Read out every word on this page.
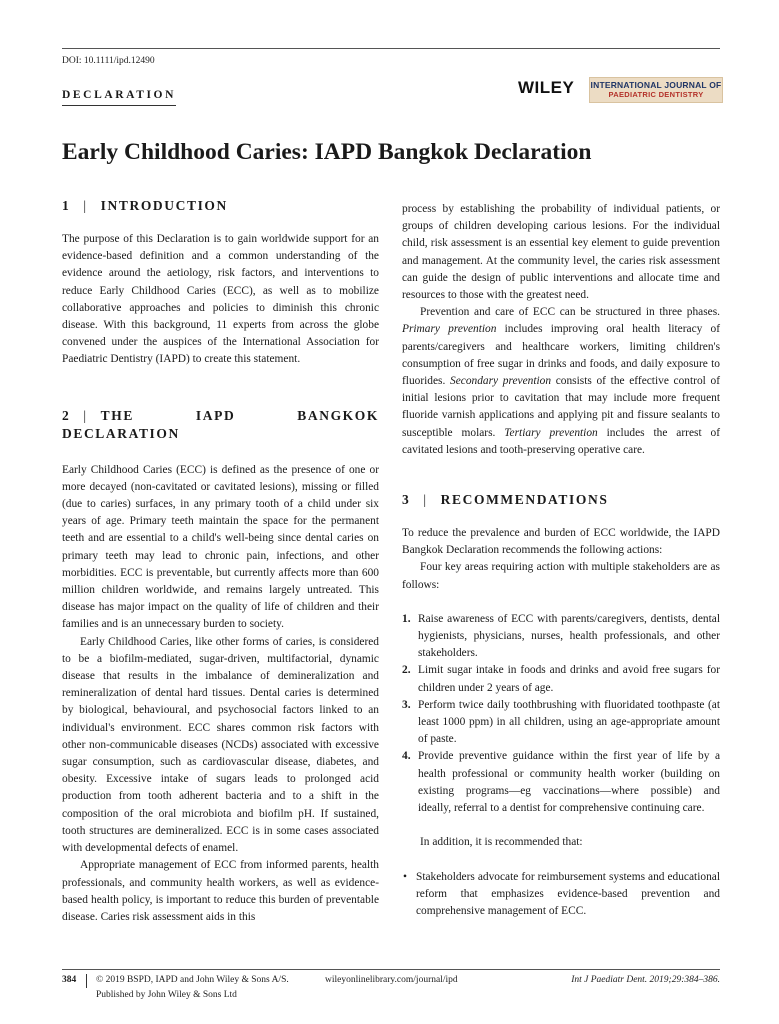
DOI: 10.1111/ipd.12490
DECLARATION	WILEY INTERNATIONAL JOURNAL OF
PAEDIATRIC DENTISTRY
Early Childhood Caries: IAPD Bangkok Declaration
1 | INTRODUCTION

The purpose of this Declaration is to gain worldwide support for an evidence-based definition and a common understanding of the evidence around the aetiology, risk factors, and interventions to reduce Early Childhood Caries (ECC), as well as to mobilize collaborative approaches and policies to diminish this chronic disease. With this background, 11 experts from across the globe convened under the auspices of the International Association for Paediatric Dentistry (IAPD) to create this statement.

2 | THE IAPD BANGKOK DECLARATION

Early Childhood Caries (ECC) is defined as the presence of one or more decayed (non-cavitated or cavitated lesions), missing or filled (due to caries) surfaces, in any primary tooth of a child under six years of age. Primary teeth maintain the space for the permanent teeth and are essential to a child's well-being since dental caries on primary teeth may lead to chronic pain, infections, and other morbidities. ECC is preventable, but currently affects more than 600 million children worldwide, and remains largely untreated. This disease has major impact on the quality of life of children and their families and is an unnecessary burden to society.

Early Childhood Caries, like other forms of caries, is considered to be a biofilm-mediated, sugar-driven, multifactorial, dynamic disease that results in the imbalance of demineralization and remineralization of dental hard tissues. Dental caries is determined by biological, behavioural, and psychosocial factors linked to an individual's environment. ECC shares common risk factors with other non-communicable diseases (NCDs) associated with excessive sugar consumption, such as cardiovascular disease, diabetes, and obesity. Excessive intake of sugars leads to prolonged acid production from tooth adherent bacteria and to a shift in the composition of the oral microbiota and biofilm pH. If sustained, tooth structures are demineralized. ECC is in some cases associated with developmental defects of enamel.

Appropriate management of ECC from informed parents, health professionals, and community health workers, as well as evidence-based health policy, is important to reduce this burden of preventable disease. Caries risk assessment aids in this

process by establishing the probability of individual patients, or groups of children developing carious lesions. For the individual child, risk assessment is an essential key element to guide prevention and management. At the community level, the caries risk assessment can guide the design of public interventions and allocate time and resources to those with the greatest need.

Prevention and care of ECC can be structured in three phases. Primary prevention includes improving oral health literacy of parents/caregivers and healthcare workers, limiting children's consumption of free sugar in drinks and foods, and daily exposure to fluorides. Secondary prevention consists of the effective control of initial lesions prior to cavitation that may include more frequent fluoride varnish applications and applying pit and fissure sealants to susceptible molars. Tertiary prevention includes the arrest of cavitated lesions and tooth-preserving operative care.

3 | RECOMMENDATIONS

To reduce the prevalence and burden of ECC worldwide, the IAPD Bangkok Declaration recommends the following actions:

Four key areas requiring action with multiple stakeholders are as follows:

1. Raise awareness of ECC with parents/caregivers, dentists, dental hygienists, physicians, nurses, health professionals, and other stakeholders.
2. Limit sugar intake in foods and drinks and avoid free sugars for children under 2 years of age.
3. Perform twice daily toothbrushing with fluoridated toothpaste (at least 1000 ppm) in all children, using an age-appropriate amount of paste.
4. Provide preventive guidance within the first year of life by a health professional or community health worker (building on existing programs—eg vaccinations—where possible) and ideally, referral to a dentist for comprehensive continuing care.

In addition, it is recommended that:

• Stakeholders advocate for reimbursement systems and educational reform that emphasizes evidence-based prevention and comprehensive management of ECC.
384 © 2019 BSPD, IAPD and John Wiley & Sons A/S.
Published by John Wiley & Sons Ltd
wileyonlinelibrary.com/journal/ipd	Int J Paediatr Dent. 2019;29:384–386.
